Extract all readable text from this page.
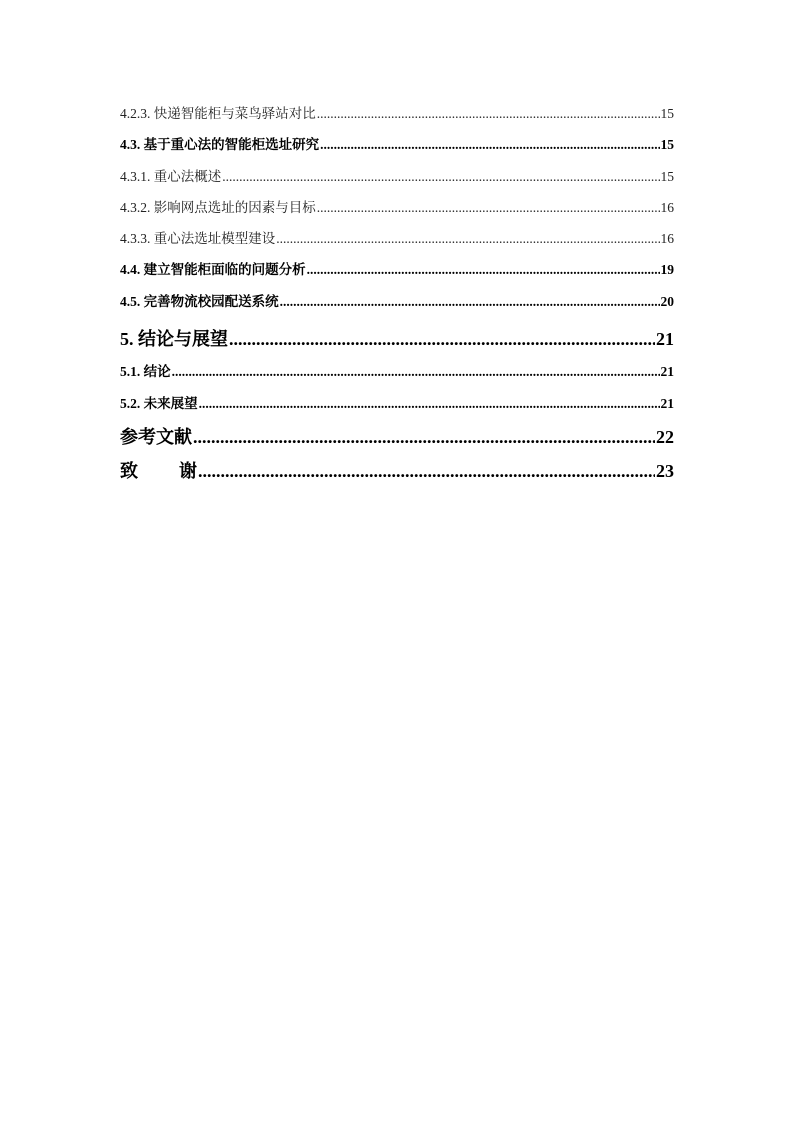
4.2.3. 快递智能柜与菜鸟驿站对比 .....	15
4.3. 基于重心法的智能柜选址研究 .....	15
4.3.1. 重心法概述 .....	15
4.3.2. 影响网点选址的因素与目标 .....	16
4.3.3. 重心法选址模型建设 .....	16
4.4. 建立智能柜面临的问题分析 .....	19
4.5. 完善物流校园配送系统 .....	20
5. 结论与展望 .....	21
5.1. 结论 .....	21
5.2. 未来展望 .....	21
参考文献 .....	22
致 谢 .....	23
